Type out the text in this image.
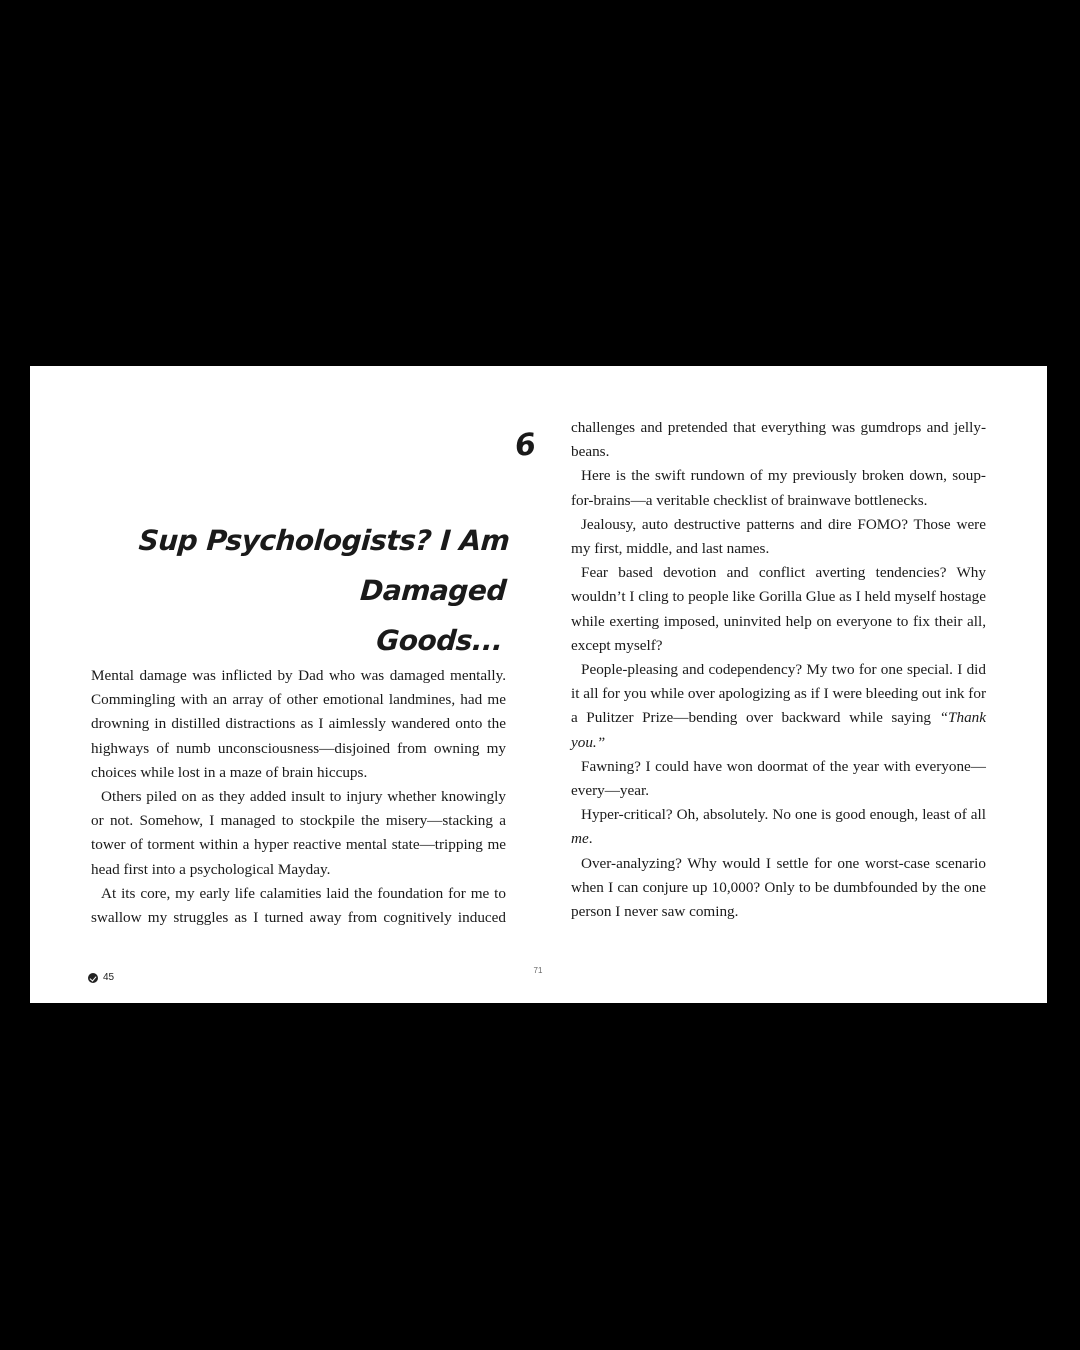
6
Sup Psychologists? I Am Damaged
Goods...

Mental damage was inflicted by Dad who was damaged mentally. Commingling with an array of other emotional landmines, had me drowning in distilled distractions as I aimlessly wandered onto the highways of numb unconsciousness—disjoined from owning my choices while lost in a maze of brain hiccups.

Others piled on as they added insult to injury whether knowingly or not. Somehow, I managed to stockpile the misery—stacking a tower of torment within a hyper reactive mental state—tripping me head first into a psychological Mayday.

At its core, my early life calamities laid the foundation for me to swallow my struggles as I turned away from cognitively induced

challenges and pretended that everything was gumdrops and jelly-beans.

Here is the swift rundown of my previously broken down, soup-for-brains—a veritable checklist of brainwave bottlenecks.

Jealousy, auto destructive patterns and dire FOMO? Those were my first, middle, and last names.

Fear based devotion and conflict averting tendencies? Why wouldn’t I cling to people like Gorilla Glue as I held myself hostage while exerting imposed, uninvited help on everyone to fix their all, except myself?

People-pleasing and codependency? My two for one special. I did it all for you while over apologizing as if I were bleeding out ink for a Pulitzer Prize—bending over backward while saying “Thank you.”

Fawning? I could have won doormat of the year with everyone—every—year.

Hyper-critical? Oh, absolutely. No one is good enough, least of all me.

Over-analyzing? Why would I settle for one worst-case scenario when I can conjure up 10,000? Only to be dumbfounded by the one person I never saw coming.

45
71
